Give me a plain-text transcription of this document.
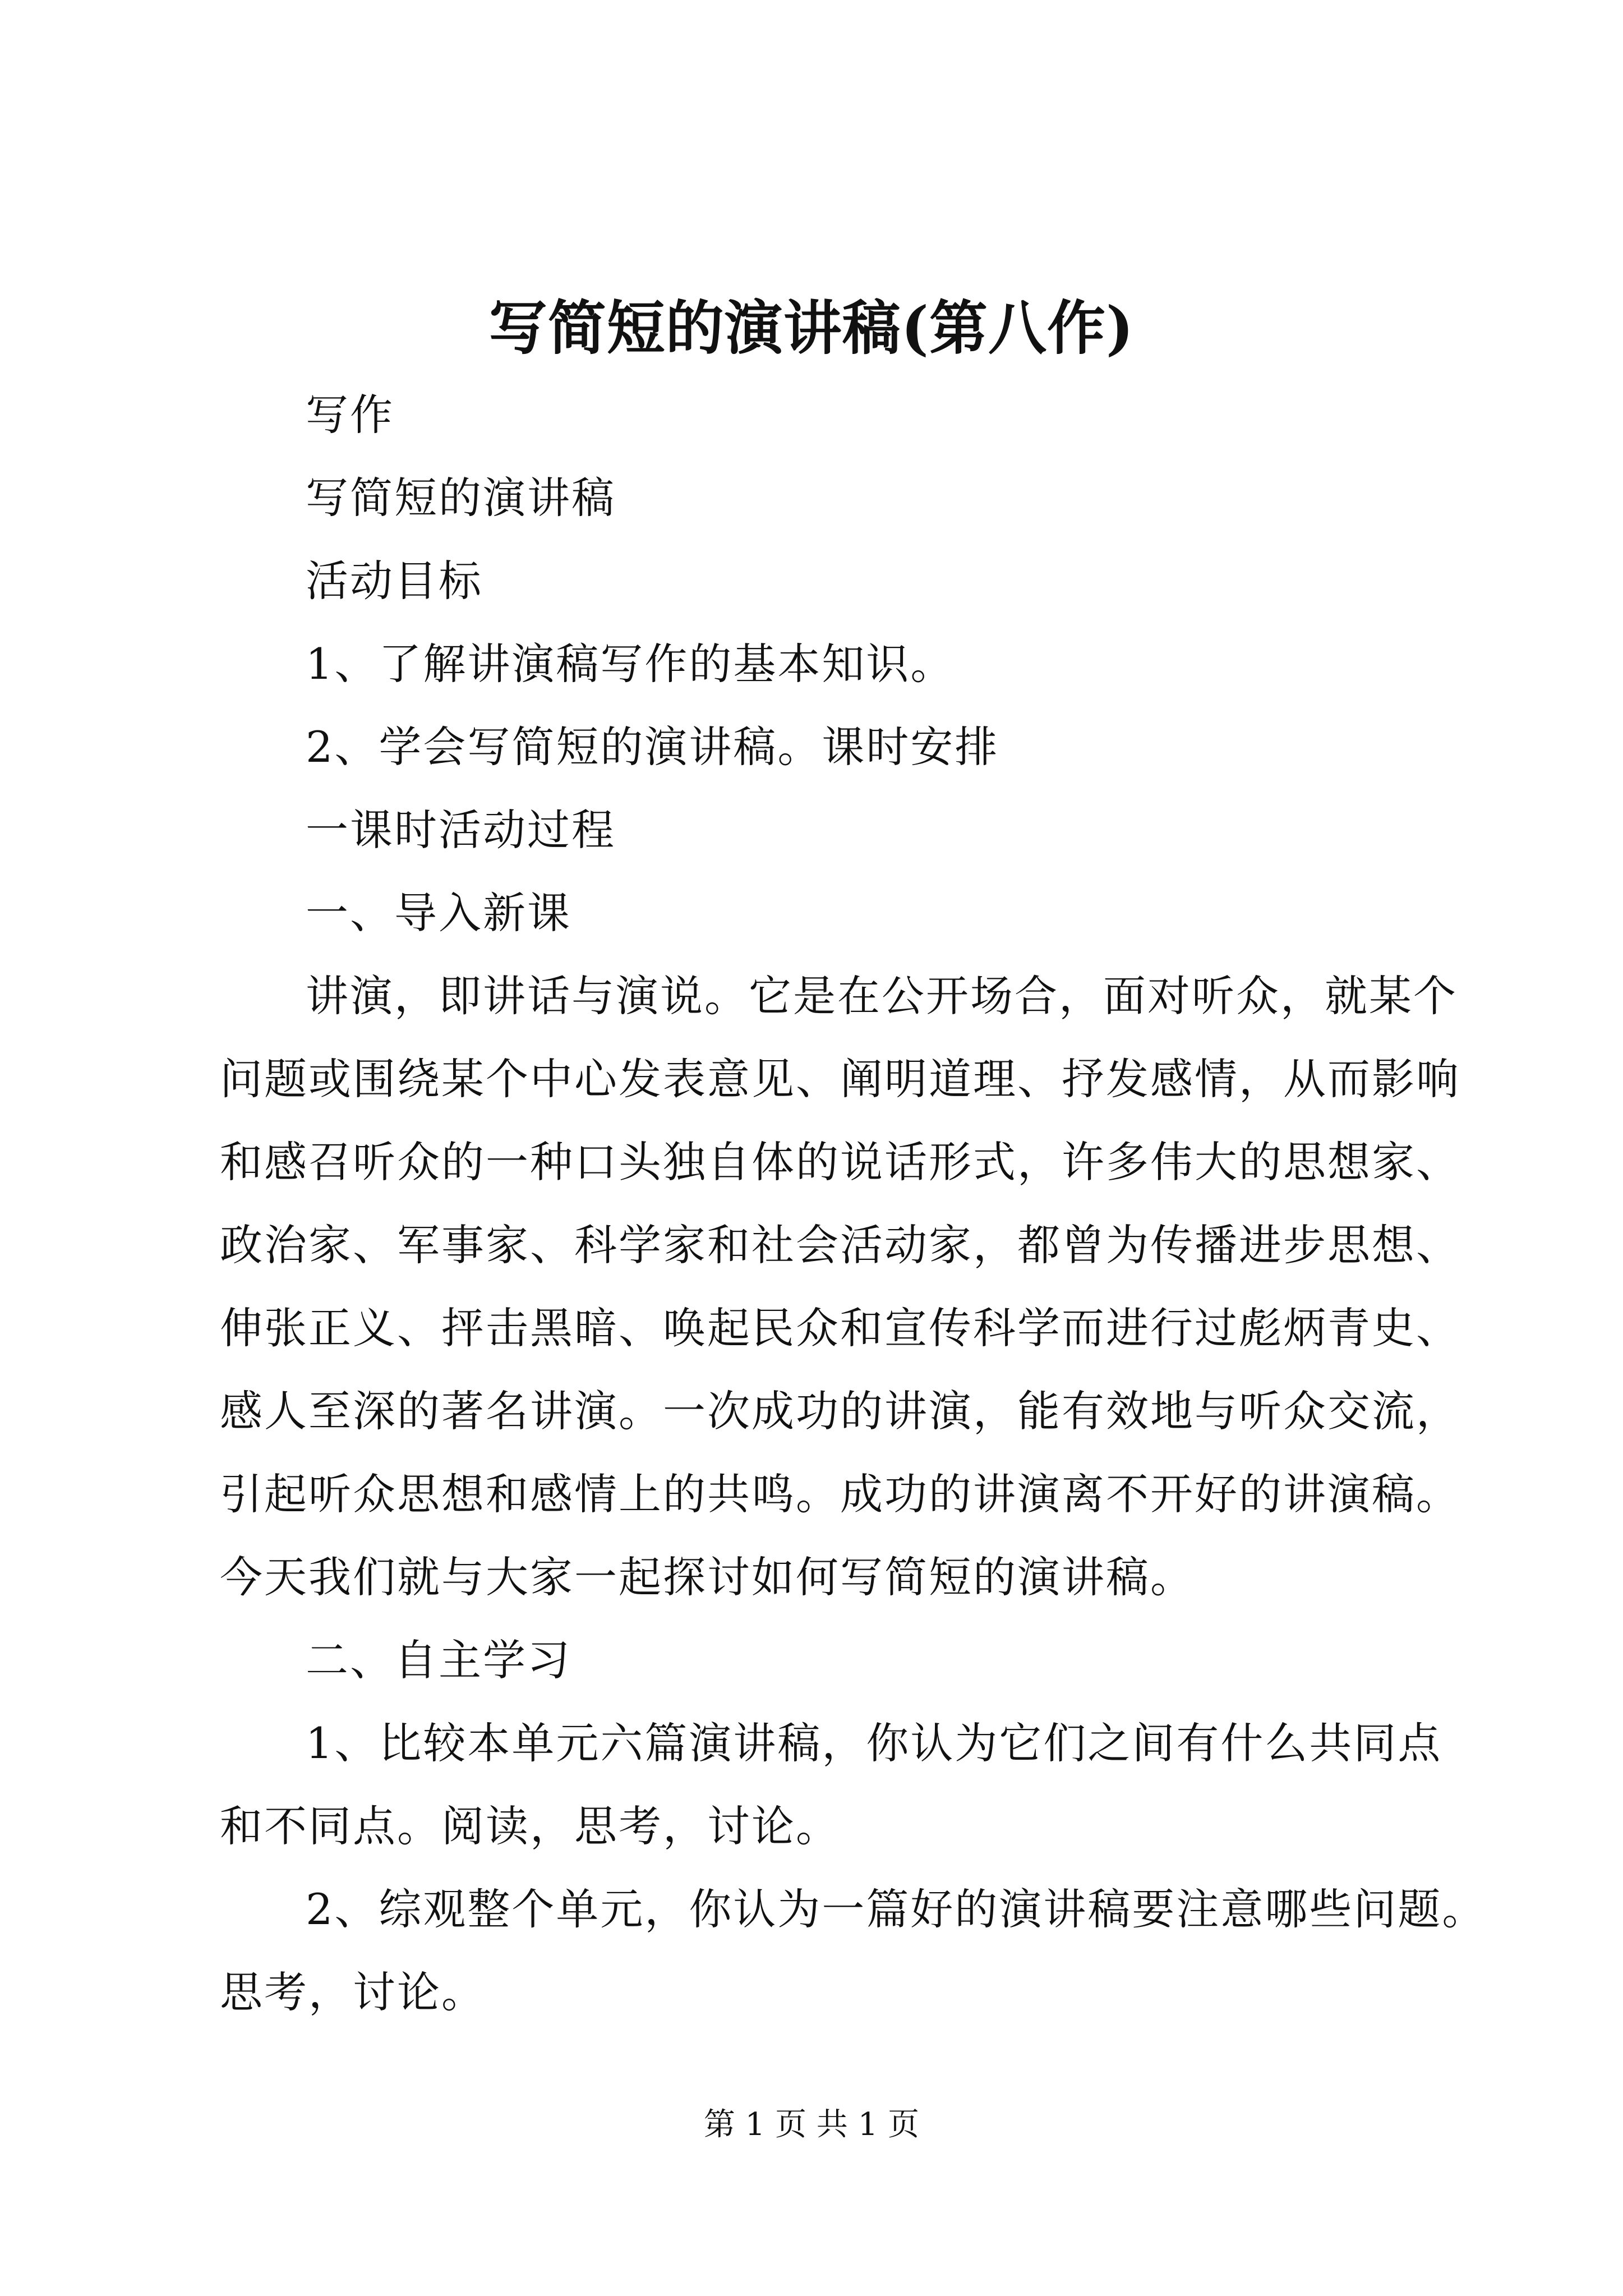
写简短的演讲稿(第八作)
写作
写简短的演讲稿
活动目标
1、了解讲演稿写作的基本知识。
2、学会写简短的演讲稿。课时安排
一课时活动过程
一、导入新课
讲演，即讲话与演说。它是在公开场合，面对听众，就某个
问题或围绕某个中心发表意见、阐明道理、抒发感情，从而影响
和感召听众的一种口头独自体的说话形式，许多伟大的思想家、
政治家、军事家、科学家和社会活动家，都曾为传播进步思想、
伸张正义、抨击黑暗、唤起民众和宣传科学而进行过彪炳青史、
感人至深的著名讲演。一次成功的讲演，能有效地与听众交流，
引起听众思想和感情上的共鸣。成功的讲演离不开好的讲演稿。
今天我们就与大家一起探讨如何写简短的演讲稿。
二、自主学习
1、比较本单元六篇演讲稿，你认为它们之间有什么共同点
和不同点。阅读，思考，讨论。
2、综观整个单元，你认为一篇好的演讲稿要注意哪些问题。
思考，讨论。
第 1 页 共 1 页
